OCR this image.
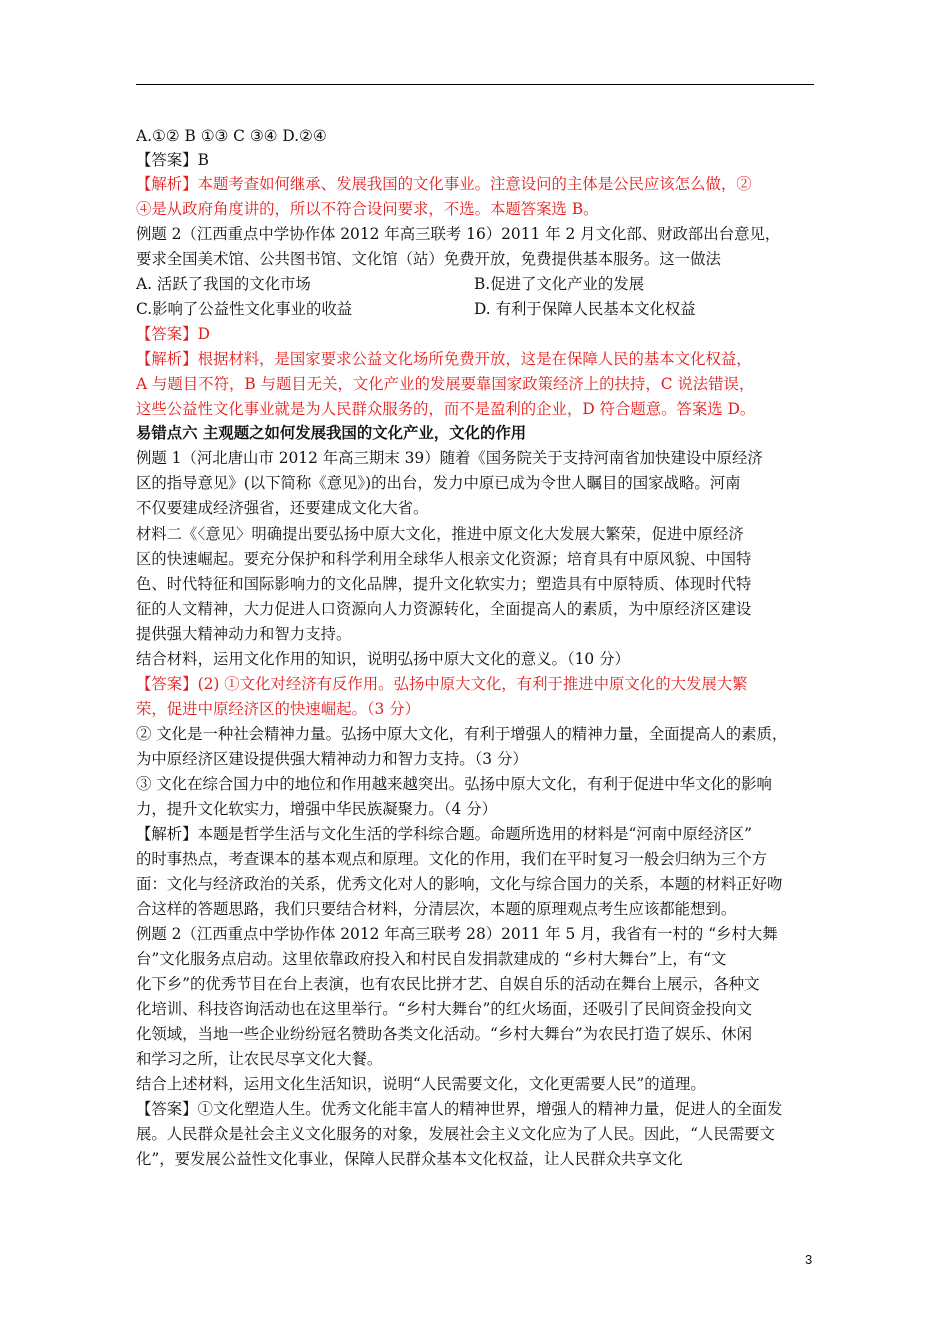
A.①② B ①③ C ③④ D.②④
【答案】B
【解析】本题考查如何继承、发展我国的文化事业。注意设问的主体是公民应该怎么做，②
④是从政府角度讲的，所以不符合设问要求，不选。本题答案选 B。
例题 2（江西重点中学协作体 2012 年高三联考 16）2011 年 2 月文化部、财政部出台意见，
要求全国美术馆、公共图书馆、文化馆（站）免费开放，免费提供基本服务。这一做法
A. 活跃了我国的文化市场	B.促进了文化产业的发展
C.影响了公益性文化事业的收益	D. 有利于保障人民基本文化权益
【答案】D
【解析】根据材料，是国家要求公益文化场所免费开放，这是在保障人民的基本文化权益，
A 与题目不符，B 与题目无关，文化产业的发展要靠国家政策经济上的扶持，C 说法错误，
这些公益性文化事业就是为人民群众服务的，而不是盈利的企业，D 符合题意。答案选 D。
易错点六 主观题之如何发展我国的文化产业，文化的作用
例题 1（河北唐山市 2012 年高三期末 39）随着《国务院关于支持河南省加快建设中原经济
区的指导意见》(以下简称《意见》)的出台，发力中原已成为令世人瞩目的国家战略。河南
不仅要建成经济强省，还要建成文化大省。
材料二《〈意见〉明确提出要弘扬中原大文化，推进中原文化大发展大繁荣，促进中原经济
区的快速崛起。要充分保护和科学利用全球华人根亲文化资源；培育具有中原风貌、中国特
色、时代特征和国际影响力的文化品牌，提升文化软实力；塑造具有中原特质、体现时代特
征的人文精神，大力促进人口资源向人力资源转化，全面提高人的素质，为中原经济区建设
提供强大精神动力和智力支持。
结合材料，运用文化作用的知识，说明弘扬中原大文化的意义。（10 分）
【答案】(2) ①文化对经济有反作用。弘扬中原大文化，有利于推进中原文化的大发展大繁
荣，促进中原经济区的快速崛起。（3 分）
② 文化是一种社会精神力量。弘扬中原大文化，有利于增强人的精神力量，全面提高人的素质，
为中原经济区建设提供强大精神动力和智力支持。（3 分）
③ 文化在综合国力中的地位和作用越来越突出。弘扬中原大文化，有利于促进中华文化的影响
力，提升文化软实力，增强中华民族凝聚力。（4 分）
【解析】本题是哲学生活与文化生活的学科综合题。命题所选用的材料是“河南中原经济区”
的时事热点，考查课本的基本观点和原理。文化的作用，我们在平时复习一般会归纳为三个方
面：文化与经济政治的关系，优秀文化对人的影响，文化与综合国力的关系，本题的材料正好吻
合这样的答题思路，我们只要结合材料，分清层次，本题的原理观点考生应该都能想到。
例题 2（江西重点中学协作体 2012 年高三联考 28）2011 年 5 月，我省有一村的 “乡村大舞
台”文化服务点启动。这里依靠政府投入和村民自发捐款建成的 “乡村大舞台”上，有“文
化下乡”的优秀节目在台上表演，也有农民比拼才艺、自娱自乐的活动在舞台上展示，各种文
化培训、科技咨询活动也在这里举行。“乡村大舞台”的红火场面，还吸引了民间资金投向文
化领域，当地一些企业纷纷冠名赞助各类文化活动。“乡村大舞台”为农民打造了娱乐、休闲
和学习之所，让农民尽享文化大餐。
结合上述材料，运用文化生活知识，说明“人民需要文化，文化更需要人民”的道理。
【答案】①文化塑造人生。优秀文化能丰富人的精神世界，增强人的精神力量，促进人的全面发
展。人民群众是社会主义文化服务的对象，发展社会主义文化应为了人民。因此，“人民需要文
化”，要发展公益性文化事业，保障人民群众基本文化权益，让人民群众共享文化
3
